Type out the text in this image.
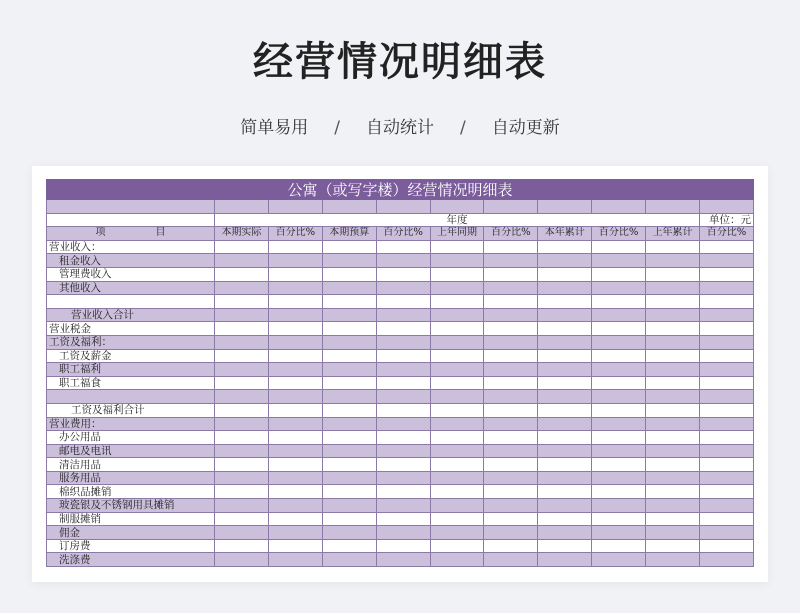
经营情况明细表
简单易用 / 自动统计 / 自动更新
公寓（或写字楼）经营情况明细表										

	年度									单位：元
项 目	本期实际	百分比%	本期预算	百分比%	上年同期	百分比%	本年累计	百分比%	上年累计	百分比%
营业收入：										
租金收入										
管理费收入										
其他收入										

营业收入合计										
营业税金										
工资及福利：										
工资及薪金										
职工福利										
职工福食										

工资及福利合计										
营业费用：										
办公用品										
邮电及电讯										
清洁用品										
服务用品										
棉织品摊销										
玻瓷银及不锈钢用具摊销										
制服摊销										
佣金										
订房费										
洗涤费										
